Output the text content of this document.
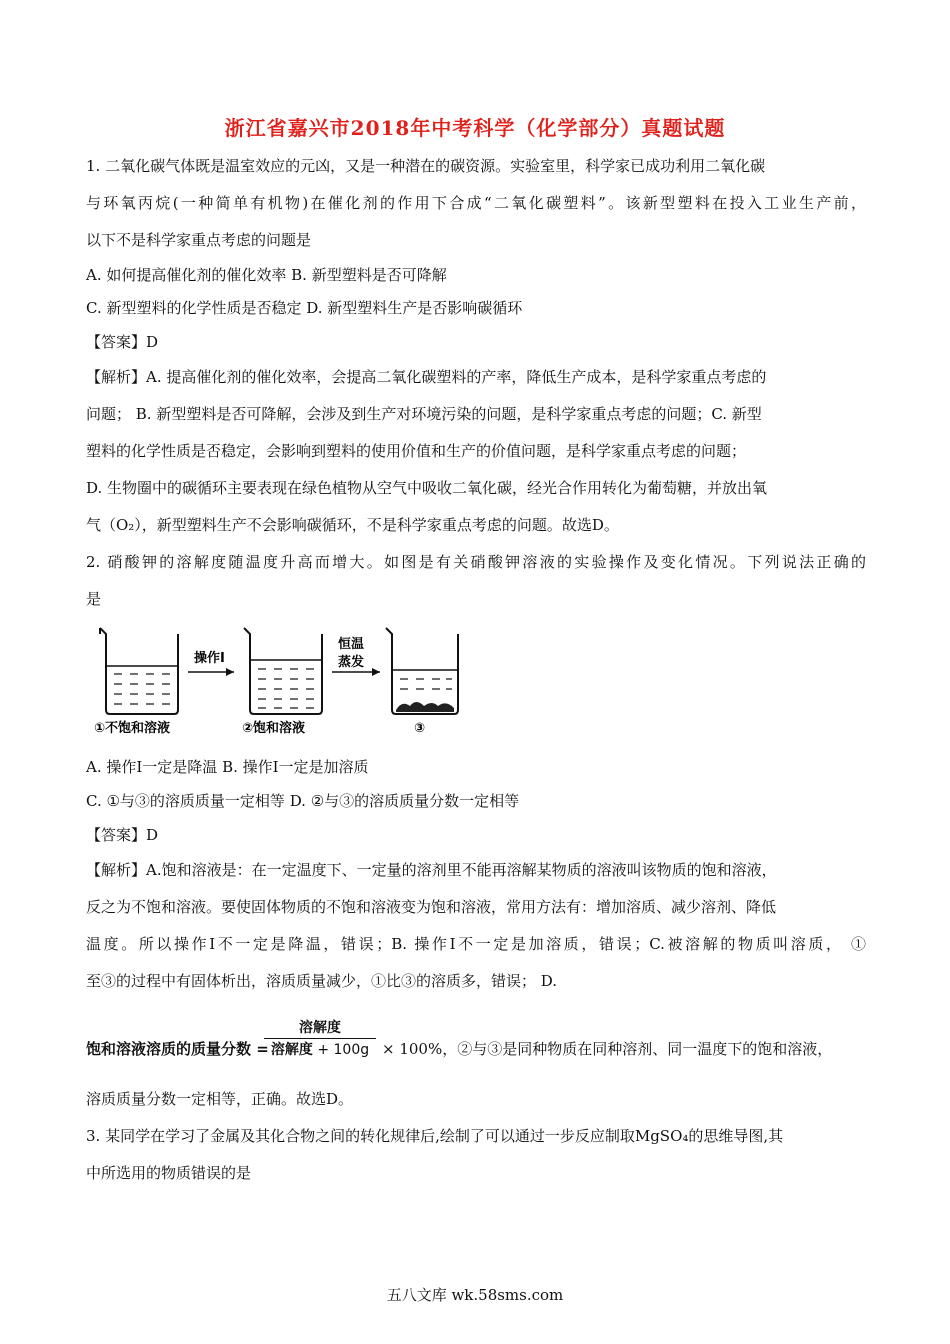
浙江省嘉兴市2018年中考科学（化学部分）真题试题
1. 二氧化碳气体既是温室效应的元凶，又是一种潜在的碳资源。实验室里，科学家已成功利用二氧化碳
与环氧丙烷(一种简单有机物)在催化剂的作用下合成“二氧化碳塑料”。该新型塑料在投入工业生产前，
以下不是科学家重点考虑的问题是
A. 如何提高催化剂的催化效率 B. 新型塑料是否可降解
C. 新型塑料的化学性质是否稳定 D. 新型塑料生产是否影响碳循环
【答案】D
【解析】A. 提高催化剂的催化效率，会提高二氧化碳塑料的产率，降低生产成本，是科学家重点考虑的
问题； B. 新型塑料是否可降解，会涉及到生产对环境污染的问题，是科学家重点考虑的问题；C. 新型
塑料的化学性质是否稳定，会影响到塑料的使用价值和生产的价值问题，是科学家重点考虑的问题；
D. 生物圈中的碳循环主要表现在绿色植物从空气中吸收二氧化碳，经光合作用转化为葡萄糖，并放出氧
气（O₂），新型塑料生产不会影响碳循环，不是科学家重点考虑的问题。故选D。
2. 硝酸钾的溶解度随温度升高而增大。如图是有关硝酸钾溶液的实验操作及变化情况。下列说法正确的
是
①不饱和溶液
操作Ⅰ
②饱和溶液
恒温
蒸发
③
A. 操作Ⅰ一定是降温 B. 操作Ⅰ一定是加溶质
C. ①与③的溶质质量一定相等 D. ②与③的溶质质量分数一定相等
【答案】D
【解析】A.饱和溶液是：在一定温度下、一定量的溶剂里不能再溶解某物质的溶液叫该物质的饱和溶液，
反之为不饱和溶液。要使固体物质的不饱和溶液变为饱和溶液，常用方法有：增加溶质、减少溶剂、降低
温度。所以操作Ⅰ不一定是降温，错误；B. 操作Ⅰ不一定是加溶质，错误；C.被溶解的物质叫溶质， ①
至③的过程中有固体析出，溶质质量减少，①比③的溶质多，错误； D.
饱和溶液溶质的质量分数 =
溶解度
溶解度 + 100g × 100%，②与③是同种物质在同种溶剂、同一温度下的饱和溶液，
溶质质量分数一定相等，正确。故选D。
3. 某同学在学习了金属及其化合物之间的转化规律后,绘制了可以通过一步反应制取MgSO₄的思维导图,其
中所选用的物质错误的是
五八文库 wk.58sms.com
